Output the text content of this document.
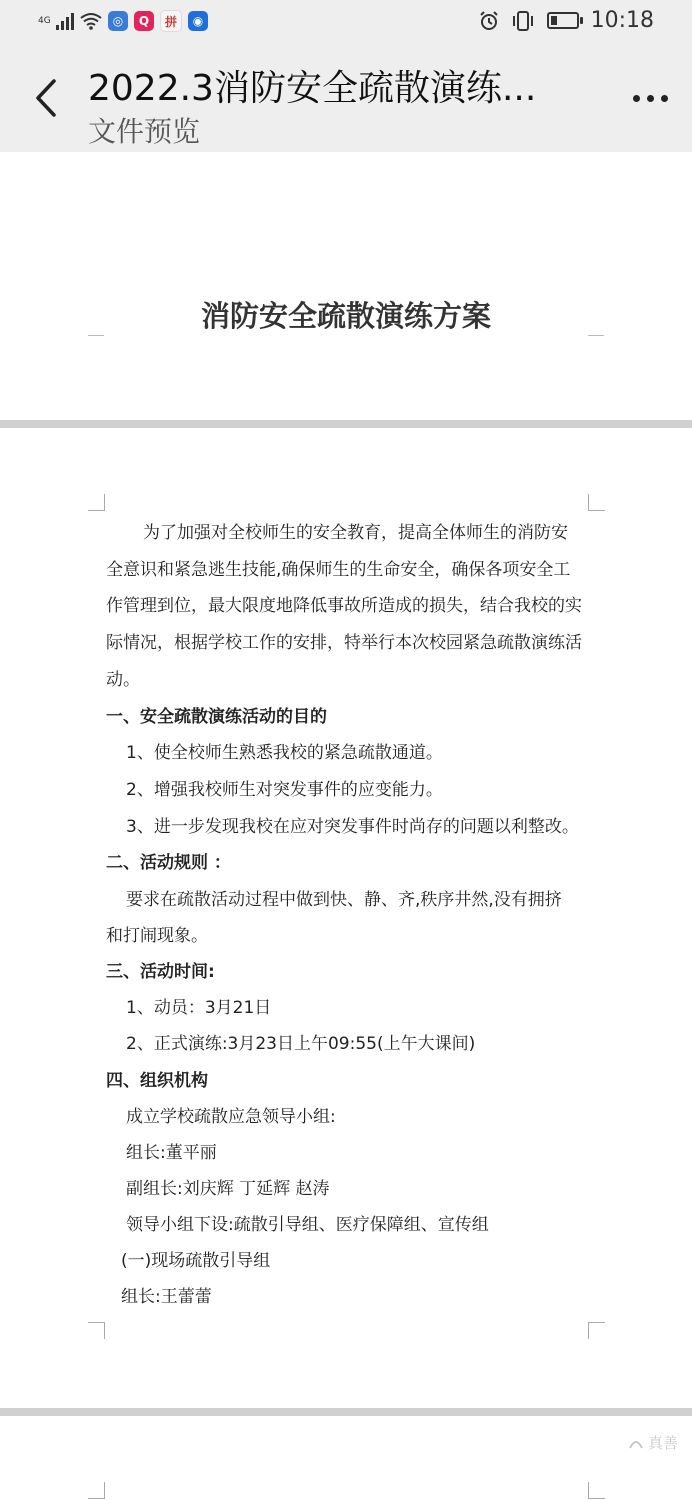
4G	◎	Q	拼	◉	10:18
2022.3消防安全疏散演练...
文件预览
消防安全疏散演练方案
为了加强对全校师生的安全教育，提高全体师生的消防安
全意识和紧急逃生技能,确保师生的生命安全，确保各项安全工
作管理到位，最大限度地降低事故所造成的损失，结合我校的实
际情况，根据学校工作的安排，特举行本次校园紧急疏散演练活
动。
一、安全疏散演练活动的目的
1、使全校师生熟悉我校的紧急疏散通道。
2、增强我校师生对突发事件的应变能力。
3、进一步发现我校在应对突发事件时尚存的问题以利整改。
二、活动规则 ：
要求在疏散活动过程中做到快、静、齐,秩序井然,没有拥挤
和打闹现象。
三、活动时间:
1、动员：3月21日
2、正式演练:3月23日上午09:55(上午大课间)
四、组织机构
成立学校疏散应急领导小组:
组长:董平丽
副组长:刘庆辉 丁延辉 赵涛
领导小组下设:疏散引导组、医疗保障组、宣传组
(一)现场疏散引导组
组长:王蕾蕾
真善
